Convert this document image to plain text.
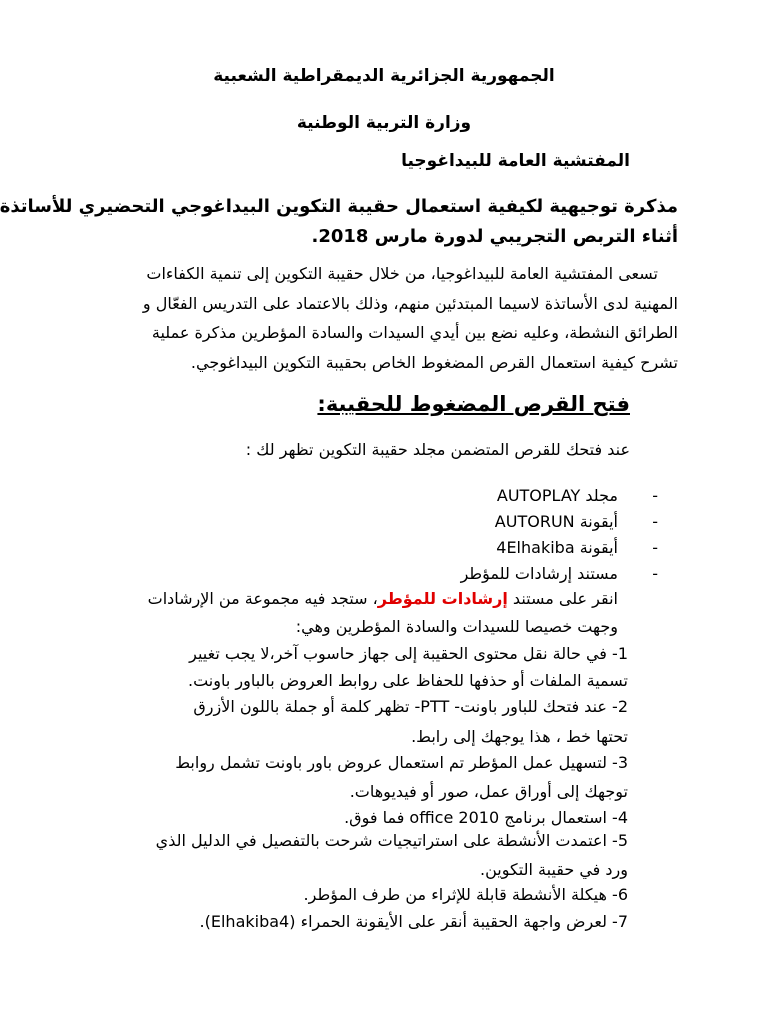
الجمهورية الجزائرية الديمقراطية الشعبية
وزارة التربية الوطنية
المفتشية العامة للبيداغوجيا
مذكرة توجيهية لكيفية استعمال حقيبة التكوين البيداغوجي التحضيري للأساتذة
أثناء التربص التجريبي لدورة مارس 2018.
تسعى المفتشية العامة للبيداغوجيا، من خلال حقيبة التكوين إلى تنمية الكفاءات
المهنية لدى الأساتذة لاسيما المبتدئين منهم، وذلك بالاعتماد على التدريس الفعّال و
الطرائق النشطة، وعليه نضع بين أيدي السيدات والسادة المؤطرين مذكرة عملية
تشرح كيفية استعمال القرص المضغوط الخاص بحقيبة التكوين البيداغوجي.
فتح القرص المضغوط للحقيبة:
عند فتحك للقرص المتضمن مجلد حقيبة التكوين تظهر لك :
-
مجلد AUTOPLAY
-
أيقونة AUTORUN
-
أيقونة 4Elhakiba
-
مستند إرشادات للمؤطر
انقر على مستند إرشادات للمؤطر، ستجد فيه مجموعة من الإرشادات
وجهت خصيصا للسيدات والسادة المؤطرين وهي:
1- في حالة نقل محتوى الحقيبة إلى جهاز حاسوب آخر،لا يجب تغيير
تسمية الملفات أو حذفها للحفاظ على روابط العروض بالباور باونت.
2- عند فتحك للباور باونت- PTT- تظهر كلمة أو جملة باللون الأزرق
تحتها خط ، هذا يوجهك إلى رابط.
3- لتسهيل عمل المؤطر تم استعمال عروض باور باونت تشمل روابط
توجهك إلى أوراق عمل، صور أو فيديوهات.
4- استعمال برنامج office 2010 فما فوق.
5- اعتمدت الأنشطة على استراتيجيات شرحت بالتفصيل في الدليل الذي
ورد في حقيبة التكوين.
6- هيكلة الأنشطة قابلة للإثراء من طرف المؤطر.
7- لعرض واجهة الحقيبة أنقر على الأيقونة الحمراء (Elhakiba4).
